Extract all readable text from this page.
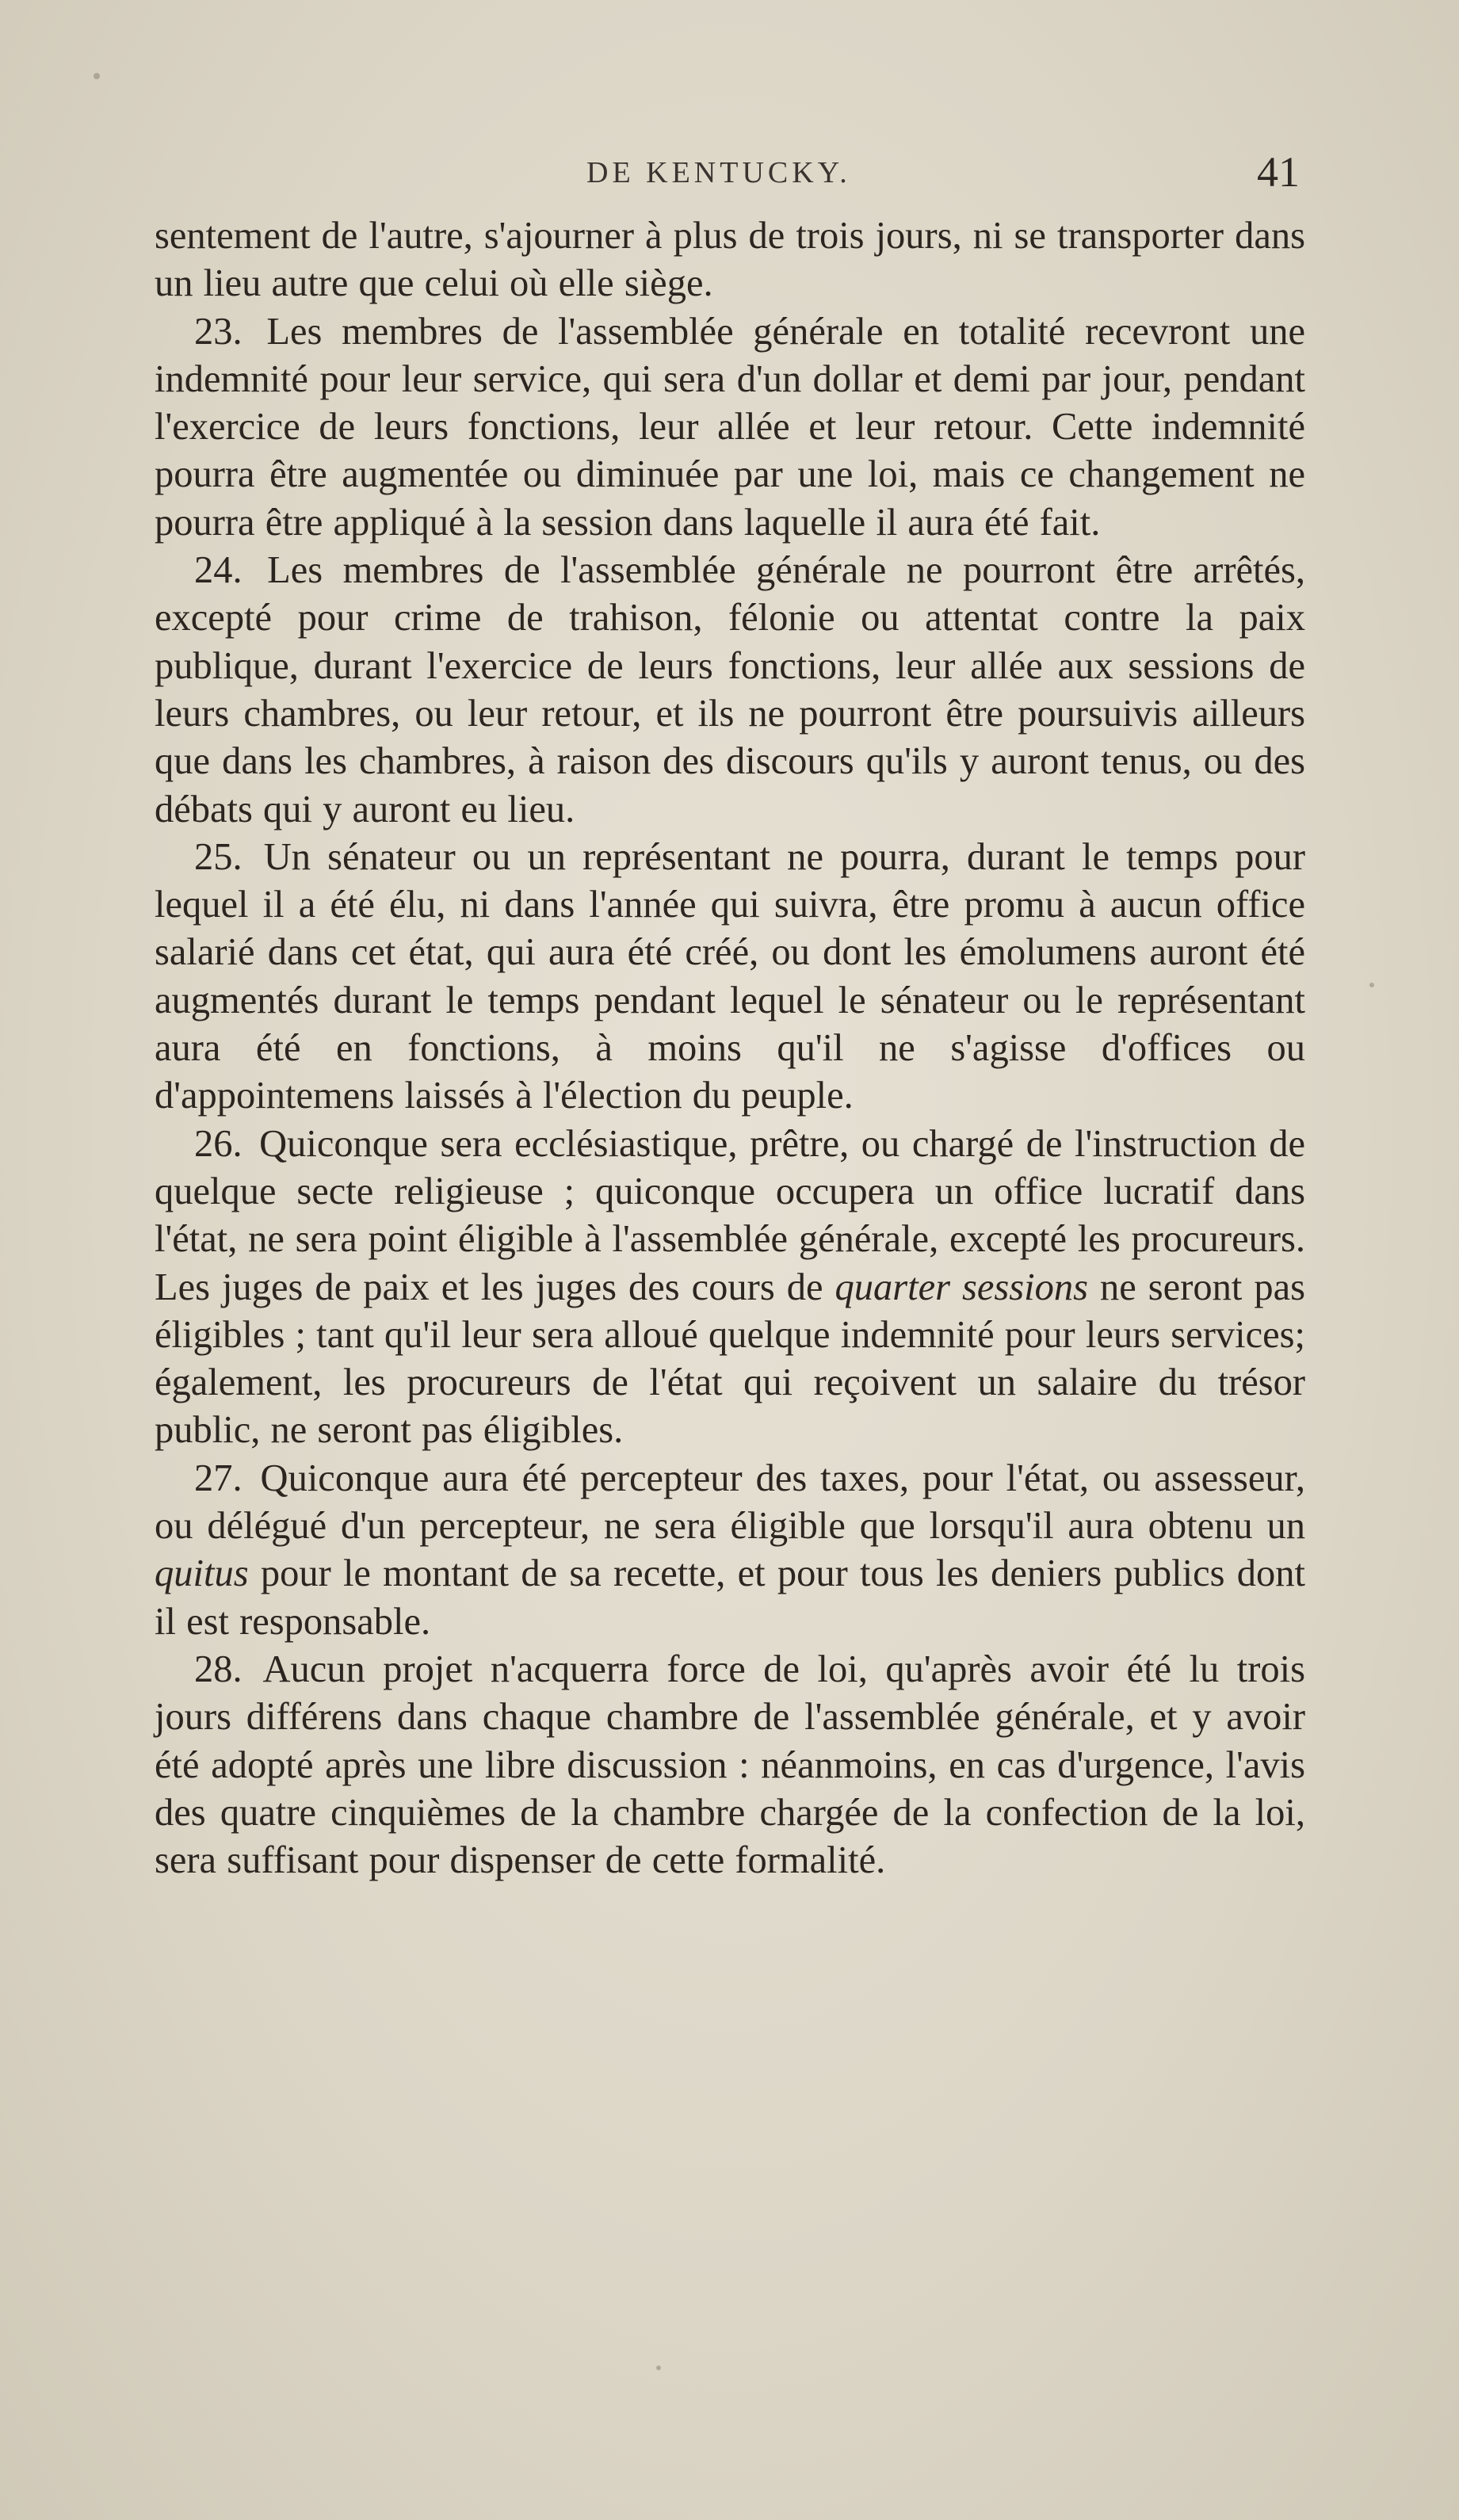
DE KENTUCKY.	41

sentement de l'autre, s'ajourner à plus de trois jours, ni se transporter dans un lieu autre que celui où elle siège.

23. Les membres de l'assemblée générale en totalité recevront une indemnité pour leur service, qui sera d'un dollar et demi par jour, pendant l'exercice de leurs fonctions, leur allée et leur retour. Cette indemnité pourra être augmentée ou diminuée par une loi, mais ce changement ne pourra être appliqué à la session dans laquelle il aura été fait.

24. Les membres de l'assemblée générale ne pourront être arrêtés, excepté pour crime de trahison, félonie ou attentat contre la paix publique, durant l'exercice de leurs fonctions, leur allée aux sessions de leurs chambres, ou leur retour, et ils ne pourront être poursuivis ailleurs que dans les chambres, à raison des discours qu'ils y auront tenus, ou des débats qui y auront eu lieu.

25. Un sénateur ou un représentant ne pourra, durant le temps pour lequel il a été élu, ni dans l'année qui suivra, être promu à aucun office salarié dans cet état, qui aura été créé, ou dont les émolumens auront été augmentés durant le temps pendant lequel le sénateur ou le représentant aura été en fonctions, à moins qu'il ne s'agisse d'offices ou d'appointemens laissés à l'élection du peuple.

26. Quiconque sera ecclésiastique, prêtre, ou chargé de l'instruction de quelque secte religieuse ; quiconque occupera un office lucratif dans l'état, ne sera point éligible à l'assemblée générale, excepté les procureurs. Les juges de paix et les juges des cours de quarter sessions ne seront pas éligibles ; tant qu'il leur sera alloué quelque indemnité pour leurs services; également, les procureurs de l'état qui reçoivent un salaire du trésor public, ne seront pas éligibles.

27. Quiconque aura été percepteur des taxes, pour l'état, ou assesseur, ou délégué d'un percepteur, ne sera éligible que lorsqu'il aura obtenu un quitus pour le montant de sa recette, et pour tous les deniers publics dont il est responsable.

28. Aucun projet n'acquerra force de loi, qu'après avoir été lu trois jours différens dans chaque chambre de l'assemblée générale, et y avoir été adopté après une libre discussion : néanmoins, en cas d'urgence, l'avis des quatre cinquièmes de la chambre chargée de la confection de la loi, sera suffisant pour dispenser de cette formalité.
